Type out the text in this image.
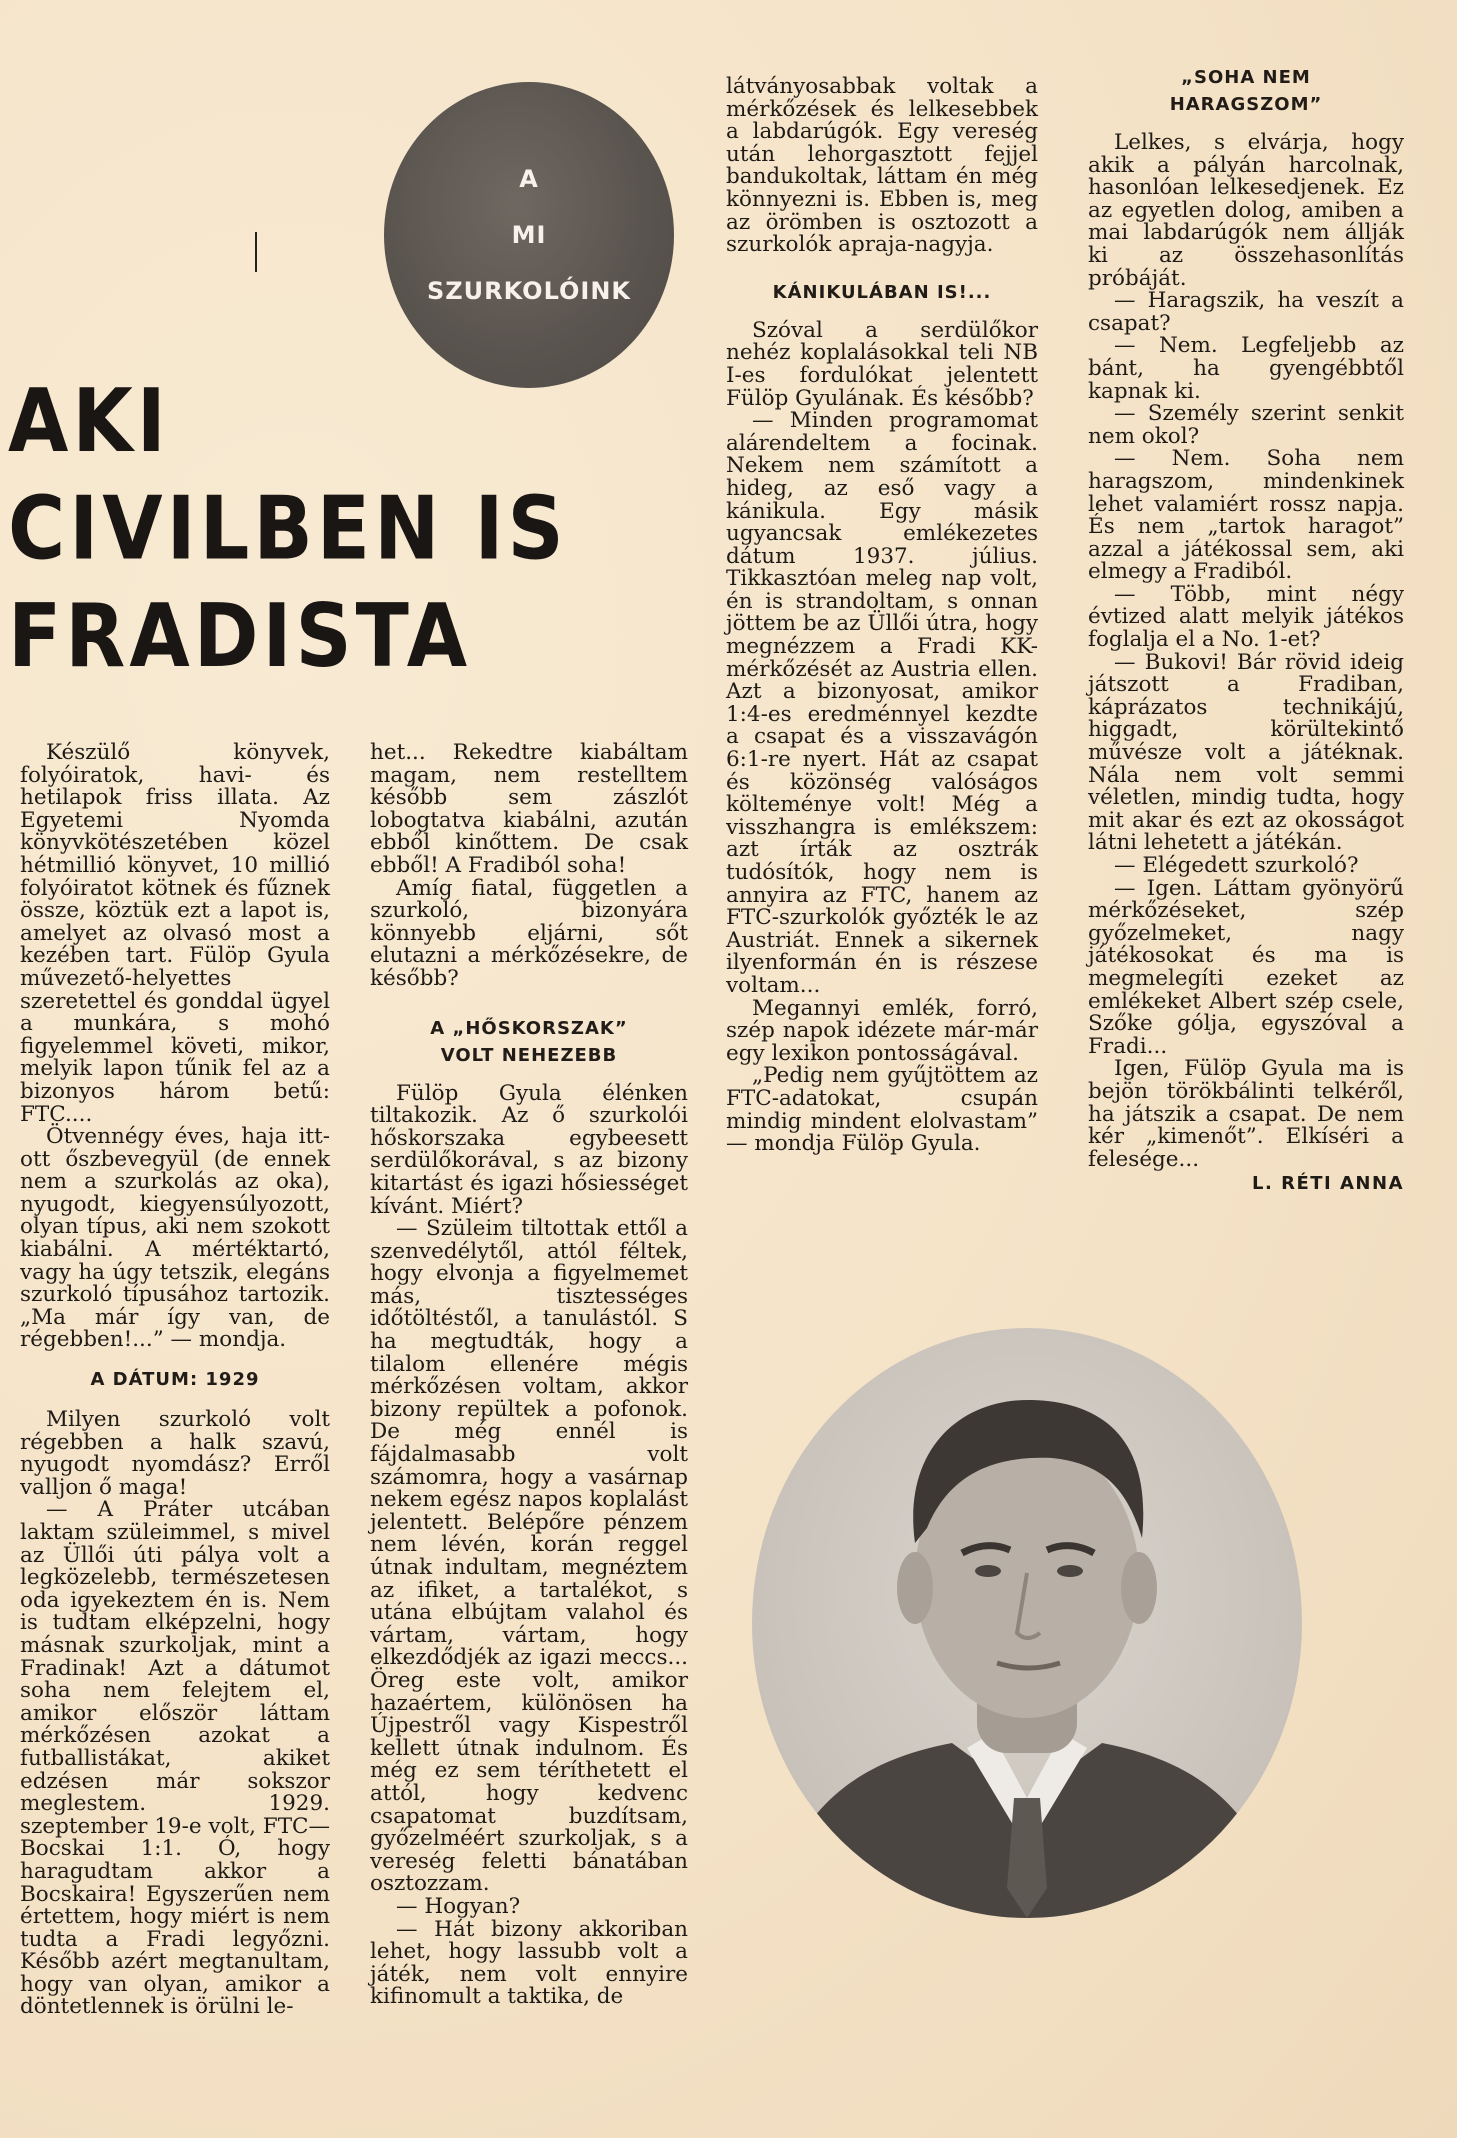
A
MI
SZURKOLÓINK
AKI
CIVILBEN IS
FRADISTA

Készülő könyvek, folyóiratok, havi- és hetilapok friss illata. Az Egyetemi Nyomda könyvkötészetében közel hétmillió könyvet, 10 millió folyóiratot kötnek és fűznek össze, köztük ezt a lapot is, amelyet az olvasó most a kezében tart. Fülöp Gyula művezető-helyettes szeretettel és gonddal ügyel a munkára, s mohó figyelemmel követi, mikor, melyik lapon tűnik fel az a bizonyos három betű: FTC....

Ötvennégy éves, haja itt-ott őszbevegyül (de ennek nem a szurkolás az oka), nyugodt, kiegyensúlyozott, olyan típus, aki nem szokott kiabálni. A mértéktartó, vagy ha úgy tetszik, elegáns szurkoló típusához tartozik. „Ma már így van, de régebben!...” — mondja.

A DÁTUM: 1929

Milyen szurkoló volt régebben a halk szavú, nyugodt nyomdász? Erről valljon ő maga!

— A Práter utcában laktam szüleimmel, s mivel az Üllői úti pálya volt a legközelebb, természetesen oda igyekeztem én is. Nem is tudtam elképzelni, hogy másnak szurkoljak, mint a Fradinak! Azt a dátumot soha nem felejtem el, amikor először láttam mérkőzésen azokat a futballistákat, akiket edzésen már sokszor meglestem. 1929. szeptember 19-e volt, FTC—Bocskai 1:1. Ó, hogy haragudtam akkor a Bocskaira! Egyszerűen nem értettem, hogy miért is nem tudta a Fradi legyőzni. Később azért megtanultam, hogy van olyan, amikor a döntetlennek is örülni le-

het... Rekedtre kiabáltam magam, nem restelltem később sem zászlót lobogtatva kiabálni, azután ebből kinőttem. De csak ebből! A Fradiból soha!

Amíg fiatal, független a szurkoló, bizonyára könnyebb eljárni, sőt elutazni a mérkőzésekre, de később?

A „HŐSKORSZAK”
VOLT NEHEZEBB

Fülöp Gyula élénken tiltakozik. Az ő szurkolói hőskorszaka egybeesett serdülőkorával, s az bizony kitartást és igazi hősiességet kívánt. Miért?

— Szüleim tiltottak ettől a szenvedélytől, attól féltek, hogy elvonja a figyelmemet más, tisztességes időtöltéstől, a tanulástól. S ha megtudták, hogy a tilalom ellenére mégis mérkőzésen voltam, akkor bizony repültek a pofonok. De még ennél is fájdalmasabb volt számomra, hogy a vasárnap nekem egész napos koplalást jelentett. Belépőre pénzem nem lévén, korán reggel útnak indultam, megnéztem az ifiket, a tartalékot, s utána elbújtam valahol és vártam, vártam, hogy elkezdődjék az igazi meccs... Öreg este volt, amikor hazaértem, különösen ha Újpestről vagy Kispestről kellett útnak indulnom. És még ez sem téríthetett el attól, hogy kedvenc csapatomat buzdítsam, győzelméért szurkoljak, s a vereség feletti bánatában osztozzam.

— Hogyan?

— Hát bizony akkoriban lehet, hogy lassubb volt a játék, nem volt ennyire kifinomult a taktika, de

látványosabbak voltak a mérkőzések és lelkesebbek a labdarúgók. Egy vereség után lehorgasztott fejjel bandukoltak, láttam én még könnyezni is. Ebben is, meg az örömben is osztozott a szurkolók apraja-nagyja.

KÁNIKULÁBAN IS!...

Szóval a serdülőkor nehéz koplalásokkal teli NB I-es fordulókat jelentett Fülöp Gyulának. És később?

— Minden programomat alárendeltem a focinak. Nekem nem számított a hideg, az eső vagy a kánikula. Egy másik ugyancsak emlékezetes dátum 1937. július. Tikkasztóan meleg nap volt, én is strandoltam, s onnan jöttem be az Üllői útra, hogy megnézzem a Fradi KK-mérkőzését az Austria ellen. Azt a bizonyosat, amikor 1:4-es eredménnyel kezdte a csapat és a visszavágón 6:1-re nyert. Hát az csapat és közönség valóságos költeménye volt! Még a visszhangra is emlékszem: azt írták az osztrák tudósítók, hogy nem is annyira az FTC, hanem az FTC-szurkolók győzték le az Austriát. Ennek a sikernek ilyenformán én is részese voltam...

Megannyi emlék, forró, szép napok idézete már-már egy lexikon pontosságával.

„Pedig nem gyűjtöttem az FTC-adatokat, csupán mindig mindent elolvastam” — mondja Fülöp Gyula.

„SOHA NEM
HARAGSZOM”

Lelkes, s elvárja, hogy akik a pályán harcolnak, hasonlóan lelkesedjenek. Ez az egyetlen dolog, amiben a mai labdarúgók nem állják ki az összehasonlítás próbáját.

— Haragszik, ha veszít a csapat?

— Nem. Legfeljebb az bánt, ha gyengébbtől kapnak ki.

— Személy szerint senkit nem okol?

— Nem. Soha nem haragszom, mindenkinek lehet valamiért rossz napja. És nem „tartok haragot” azzal a játékossal sem, aki elmegy a Fradiból.

— Több, mint négy évtized alatt melyik játékos foglalja el a No. 1-et?

— Bukovi! Bár rövid ideig játszott a Fradiban, káprázatos technikájú, higgadt, körültekintő művésze volt a játéknak. Nála nem volt semmi véletlen, mindig tudta, hogy mit akar és ezt az okosságot látni lehetett a játékán.

— Elégedett szurkoló?

— Igen. Láttam gyönyörű mérkőzéseket, szép győzelmeket, nagy játékosokat és ma is megmelegíti ezeket az emlékeket Albert szép csele, Szőke gólja, egyszóval a Fradi...

Igen, Fülöp Gyula ma is bejön törökbálinti telkéről, ha játszik a csapat. De nem kér „kimenőt”. Elkíséri a felesége...

L. RÉTI ANNA
